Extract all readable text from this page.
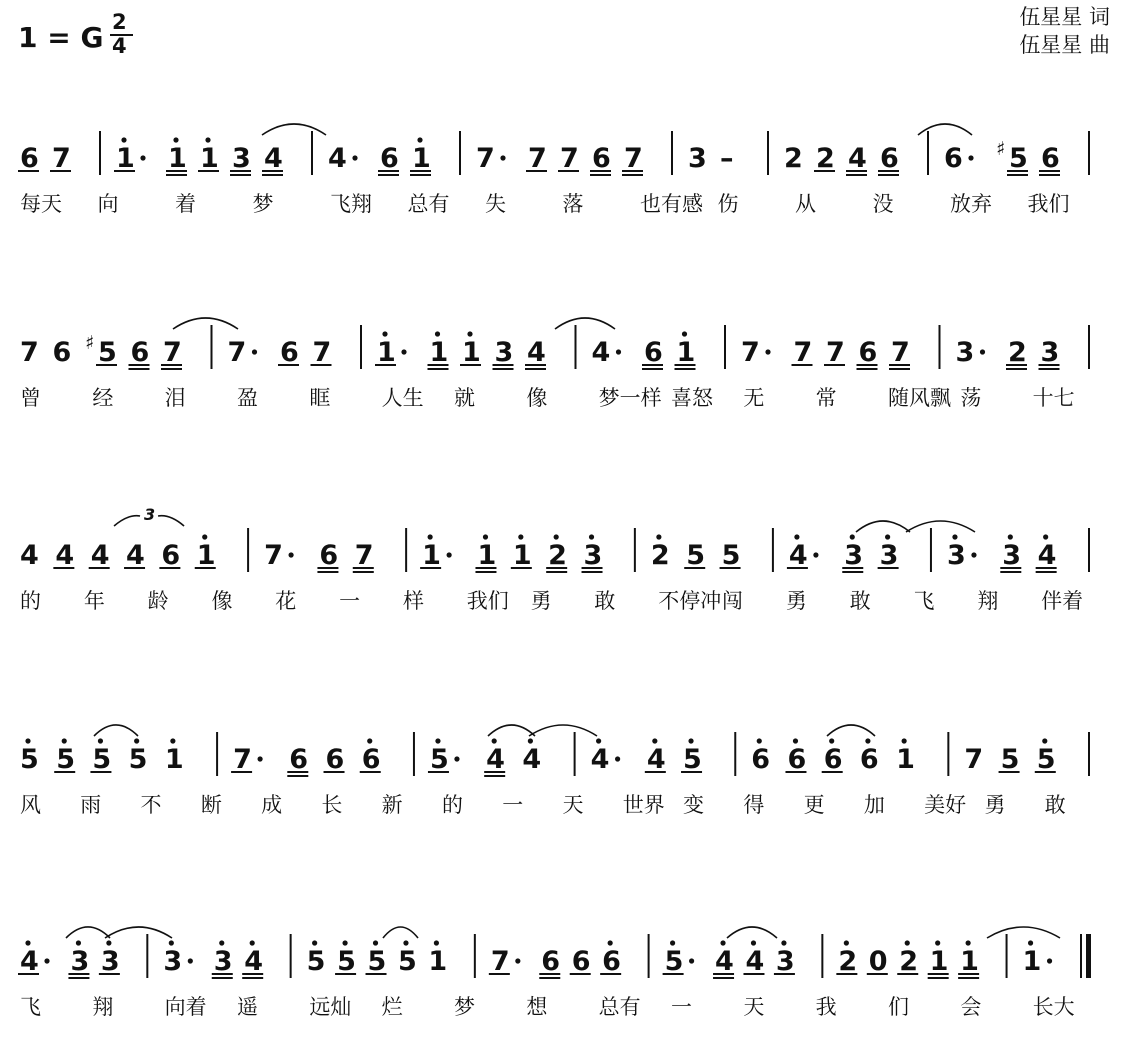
1 = G 2
4
伍星星 词
伍星星 曲
6 7 1 1 1 3 4 4 6 1 7 7 7 6 7 3 – 2 2 4 6 6 ♯ 5 6
每天 向	着	梦	飞翔 总有 失	落	也有感 伤	从	没	放弃 我们
7 6 ♯ 5 6 7 7 6 7 1 1 1 3 4 4 6 1 7 7 7 6 7 3 2 3
曾 经 泪 盈 眶 人生 就 像 梦一样 喜怒 无 常 随风飘 荡 十七
4 4 4 4 6 1 7 6 7 1 1 1 2 3 2 5 5 4 3 3 3 3 4
的 年 龄 像 花 一 样 我们 勇 敢 不停冲 闯 勇 敢 飞 翔 伴着
3
5 5 5 5 1 7 6 6 6 5 4 4 4 4 5 6 6 6 6 1 7 5 5
风 雨 不 断 成 长 新 的 一 天 世界 变 得 更 加 美好 勇 敢
4 3 3 3 3 4 5 5 5 5 1 7 6 6 6 5 4 4 3 2 0 2 1 1 1
飞 翔 向着 遥 远灿 烂 梦 想 总有 一 天 我 们 会 长大
